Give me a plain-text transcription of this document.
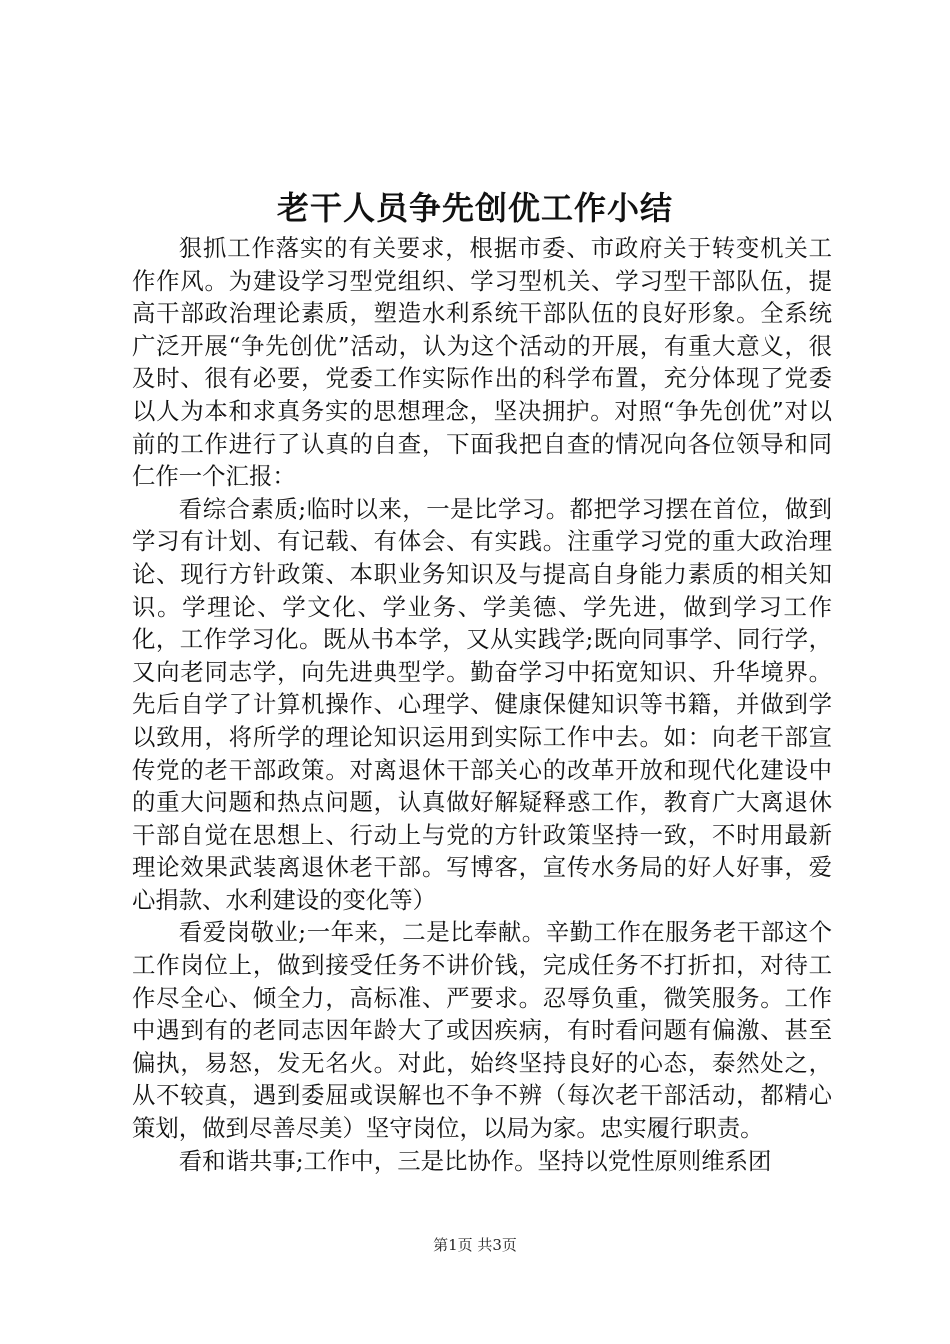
老干人员争先创优工作小结

狠抓工作落实的有关要求，根据市委、市政府关于转变机关工作作风。为建设学习型党组织、学习型机关、学习型干部队伍，提高干部政治理论素质，塑造水利系统干部队伍的良好形象。全系统广泛开展“争先创优”活动，认为这个活动的开展，有重大意义，很及时、很有必要，党委工作实际作出的科学布置，充分体现了党委以人为本和求真务实的思想理念，坚决拥护。对照“争先创优”对以前的工作进行了认真的自查，下面我把自查的情况向各位领导和同仁作一个汇报：

看综合素质;临时以来，一是比学习。都把学习摆在首位，做到学习有计划、有记载、有体会、有实践。注重学习党的重大政治理论、现行方针政策、本职业务知识及与提高自身能力素质的相关知识。学理论、学文化、学业务、学美德、学先进，做到学习工作化，工作学习化。既从书本学，又从实践学;既向同事学、同行学，又向老同志学，向先进典型学。勤奋学习中拓宽知识、升华境界。先后自学了计算机操作、心理学、健康保健知识等书籍，并做到学以致用，将所学的理论知识运用到实际工作中去。如：向老干部宣传党的老干部政策。对离退休干部关心的改革开放和现代化建设中的重大问题和热点问题，认真做好解疑释惑工作，教育广大离退休干部自觉在思想上、行动上与党的方针政策坚持一致，不时用最新理论效果武装离退休老干部。写博客，宣传水务局的好人好事，爱心捐款、水利建设的变化等）

看爱岗敬业;一年来，二是比奉献。辛勤工作在服务老干部这个工作岗位上，做到接受任务不讲价钱，完成任务不打折扣，对待工作尽全心、倾全力，高标准、严要求。忍辱负重，微笑服务。工作中遇到有的老同志因年龄大了或因疾病，有时看问题有偏激、甚至偏执，易怒，发无名火。对此，始终坚持良好的心态，泰然处之，从不较真，遇到委屈或误解也不争不辨（每次老干部活动，都精心策划，做到尽善尽美）坚守岗位，以局为家。忠实履行职责。

看和谐共事;工作中，三是比协作。坚持以党性原则维系团

第1页 共3页
